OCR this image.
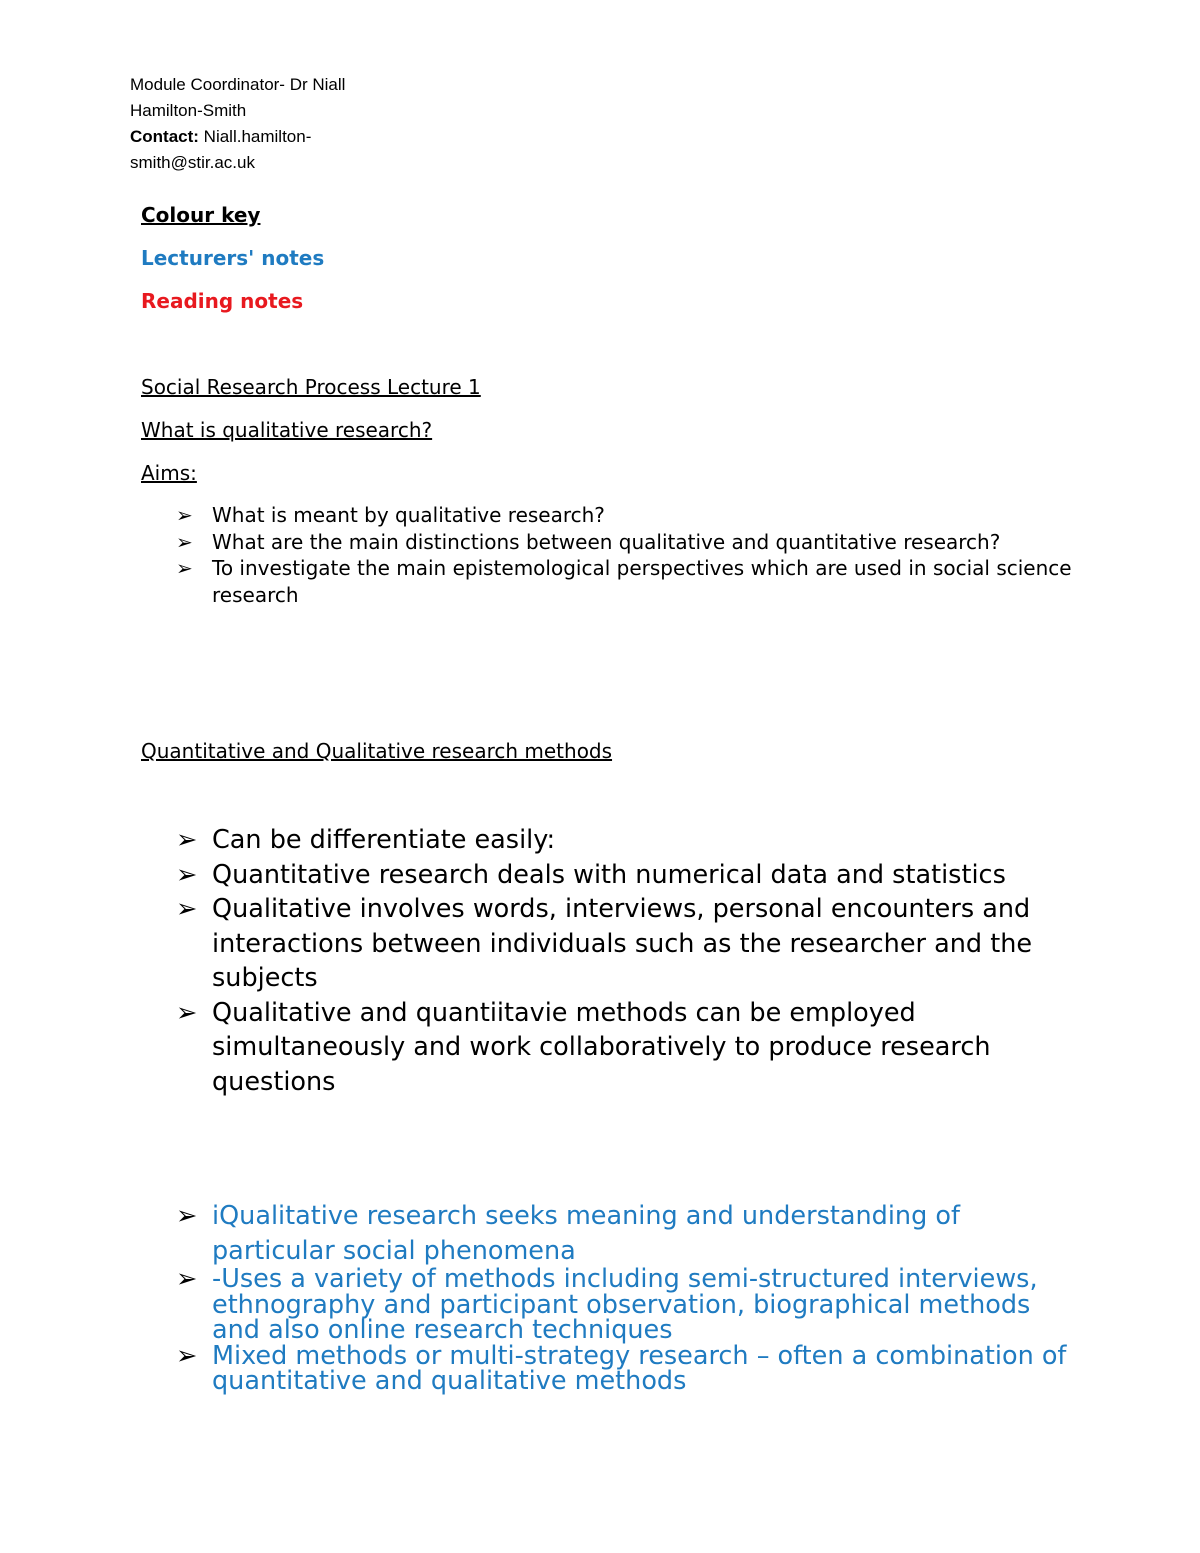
Module Coordinator- Dr Niall
Hamilton-Smith
Contact: Niall.hamilton-
smith@stir.ac.uk
Colour key
Lecturers' notes
Reading notes
Social Research Process Lecture 1
What is qualitative research?
Aims:
➢ What is meant by qualitative research?
➢ What are the main distinctions between qualitative and quantitative research?
➢ To investigate the main epistemological perspectives which are used in social science research
Quantitative and Qualitative research methods
➢ Can be differentiate easily:
➢ Quantitative research deals with numerical data and statistics
➢ Qualitative involves words, interviews, personal encounters and interactions between individuals such as the researcher and the subjects
➢ Qualitative and quantiitavie methods can be employed simultaneously and work collaboratively to produce research questions
➢ iQualitative research seeks meaning and understanding of particular social phenomena
➢ -Uses a variety of methods including semi-structured interviews, ethnography and participant observation, biographical methods and also online research techniques
➢ Mixed methods or multi-strategy research – often a combination of quantitative and qualitative methods
